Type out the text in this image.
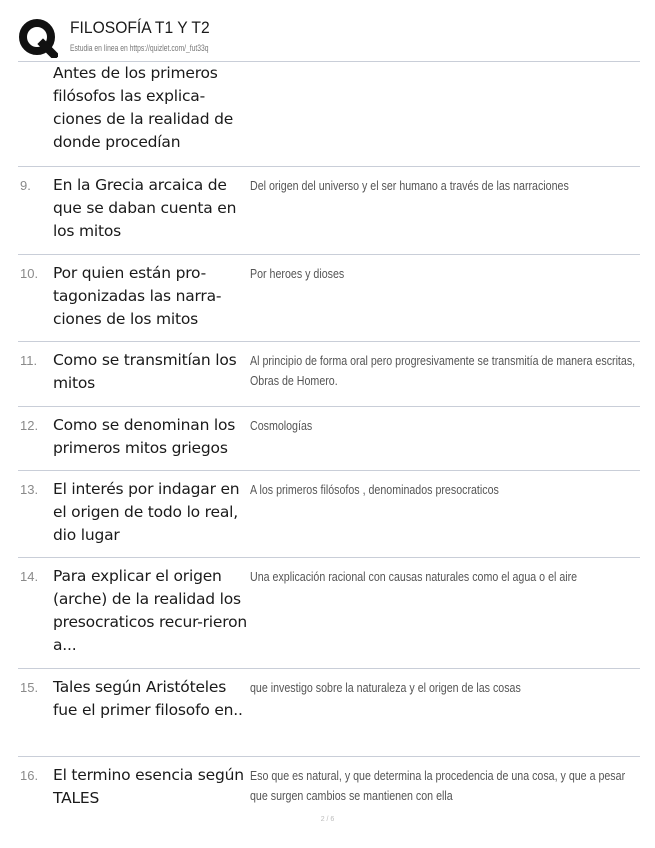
FILOSOFÍA T1 Y T2
Estudia en línea en https://quizlet.com/_fut33q
Antes de los primeros filósofos las explica-ciones de la realidad de donde procedían
9. En la Grecia arcaica de que se daban cuenta en los mitos
Del origen del universo y el ser humano a través de las narraciones
10. Por quien están pro-tagonizadas las narra-ciones de los mitos
Por heroes y dioses
11. Como se transmitían los mitos
Al principio de forma oral pero progresivamente se transmitía de manera escritas, Obras de Homero.
12. Como se denominan los primeros mitos griegos
Cosmologías
13. El interés por indagar en el origen de todo lo real, dio lugar
A los primeros filósofos , denominados presocraticos
14. Para explicar el origen (arche) de la realidad los presocraticos recur-rieron a...
Una explicación racional con causas naturales como el agua o el aire
15. Tales según Aristóteles fue el primer filosofo en..
que investigo sobre la naturaleza y el origen de las cosas
16. El termino esencia según TALES
Eso que es natural, y que determina la procedencia de una cosa, y que a pesar que surgen cambios se mantienen con ella
2 / 6
